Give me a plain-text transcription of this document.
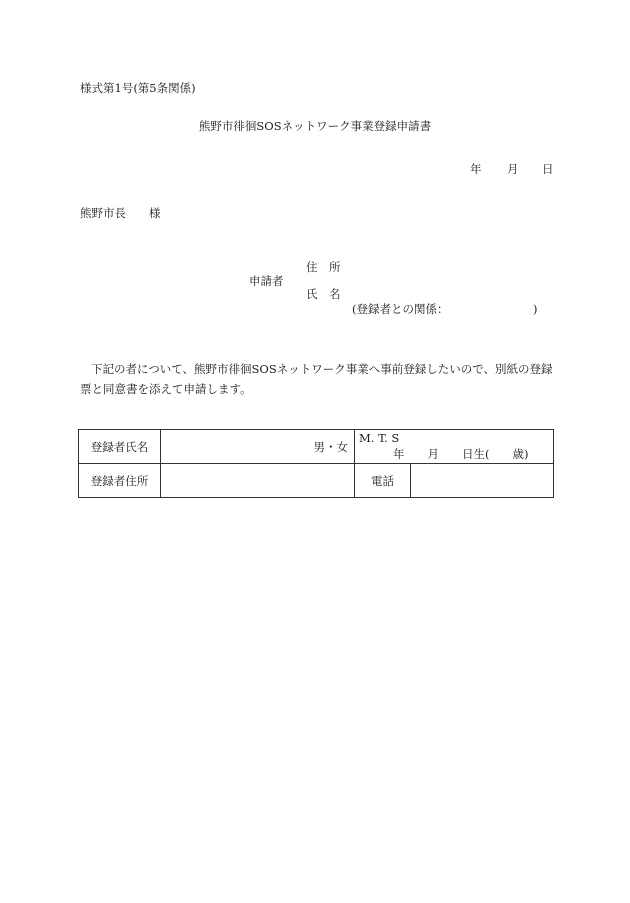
様式第1号(第5条関係)
熊野市徘徊SOSネットワーク事業登録申請書
年 月 日
熊野市長 様
申請者
住　所
氏　名
(登録者との関係：	)
下記の者について、熊野市徘徊SOSネットワーク事業へ事前登録したいので、別紙の登録票と同意書を添えて申請します。
登録者氏名	男・女	M. T. S
年　　月　　日生(　　歳)	

登録者住所		電話	
